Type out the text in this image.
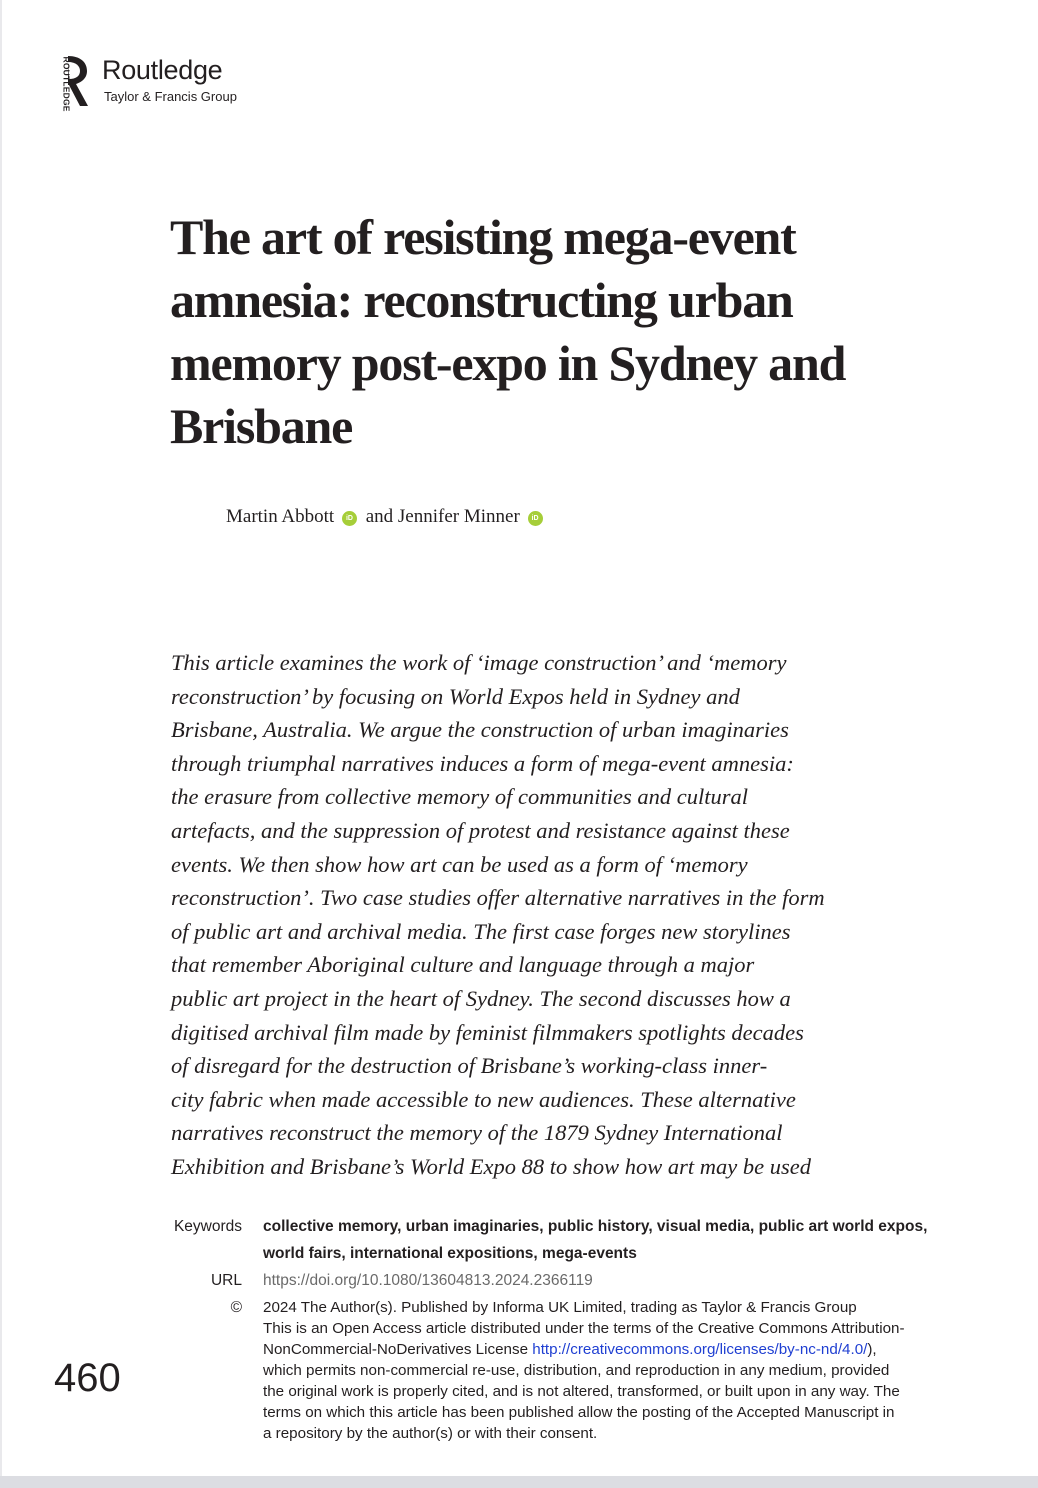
ROUTLEDGE Routledge
Taylor & Francis Group
The art of resisting mega-event amnesia: reconstructing urban memory post-expo in Sydney and Brisbane
Martin Abbott iD and Jennifer Minner iD
This article examines the work of ‘image construction’ and ‘memory
reconstruction’ by focusing on World Expos held in Sydney and
Brisbane, Australia. We argue the construction of urban imaginaries
through triumphal narratives induces a form of mega-event amnesia:
the erasure from collective memory of communities and cultural
artefacts, and the suppression of protest and resistance against these
events. We then show how art can be used as a form of ‘memory
reconstruction’. Two case studies offer alternative narratives in the form
of public art and archival media. The first case forges new storylines
that remember Aboriginal culture and language through a major
public art project in the heart of Sydney. The second discusses how a
digitised archival film made by feminist filmmakers spotlights decades
of disregard for the destruction of Brisbane’s working-class inner-
city fabric when made accessible to new audiences. These alternative
narratives reconstruct the memory of the 1879 Sydney International
Exhibition and Brisbane’s World Expo 88 to show how art may be used
Keywords collective memory, urban imaginaries, public history, visual media, public art world expos,
world fairs, international expositions, mega-events
URL https://doi.org/10.1080/13604813.2024.2366119
© 2024 The Author(s). Published by Informa UK Limited, trading as Taylor & Francis Group
This is an Open Access article distributed under the terms of the Creative Commons Attribution-
NonCommercial-NoDerivatives License http://creativecommons.org/licenses/by-nc-nd/4.0/),
which permits non-commercial re-use, distribution, and reproduction in any medium, provided
the original work is properly cited, and is not altered, transformed, or built upon in any way. The
terms on which this article has been published allow the posting of the Accepted Manuscript in
a repository by the author(s) or with their consent.
460
